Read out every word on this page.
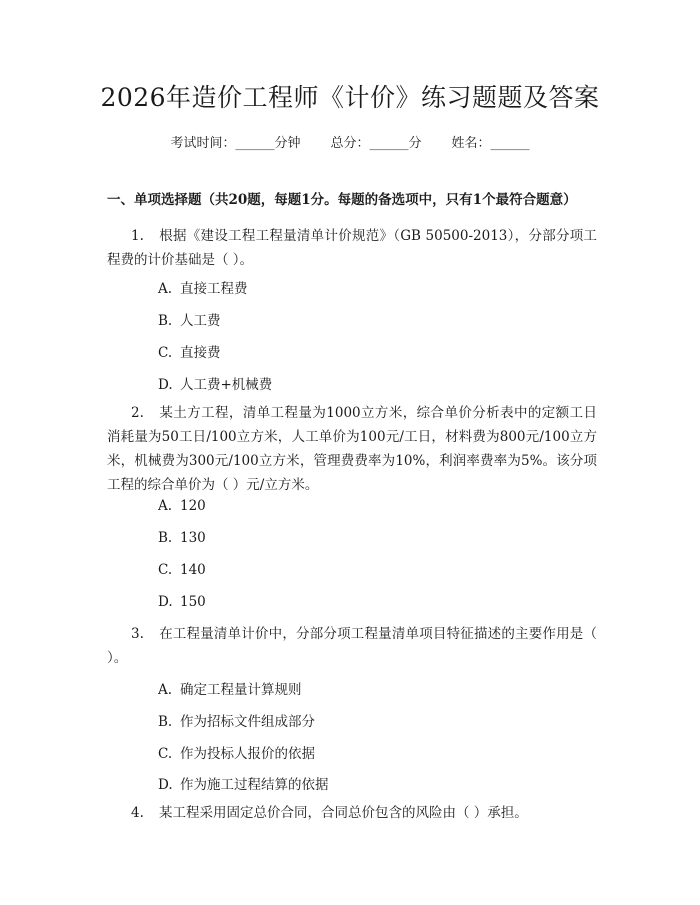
2026年造价工程师《计价》练习题题及答案
考试时间：______分钟 总分：______分 姓名：______
一、单项选择题（共20题，每题1分。每题的备选项中，只有1个最符合题意）
1. 根据《建设工程工程量清单计价规范》（GB 50500-2013），分部分项工程费的计价基础是（ ）。
A. 直接工程费
B. 人工费
C. 直接费
D. 人工费+机械费
2. 某土方工程，清单工程量为1000立方米，综合单价分析表中的定额工日消耗量为50工日/100立方米，人工单价为100元/工日，材料费为800元/100立方米，机械费为300元/100立方米，管理费费率为10%，利润率费率为5%。该分项工程的综合单价为（ ）元/立方米。
A. 120
B. 130
C. 140
D. 150
3. 在工程量清单计价中，分部分项工程量清单项目特征描述的主要作用是（ ）。
A. 确定工程量计算规则
B. 作为招标文件组成部分
C. 作为投标人报价的依据
D. 作为施工过程结算的依据
4. 某工程采用固定总价合同，合同总价包含的风险由（ ）承担。
